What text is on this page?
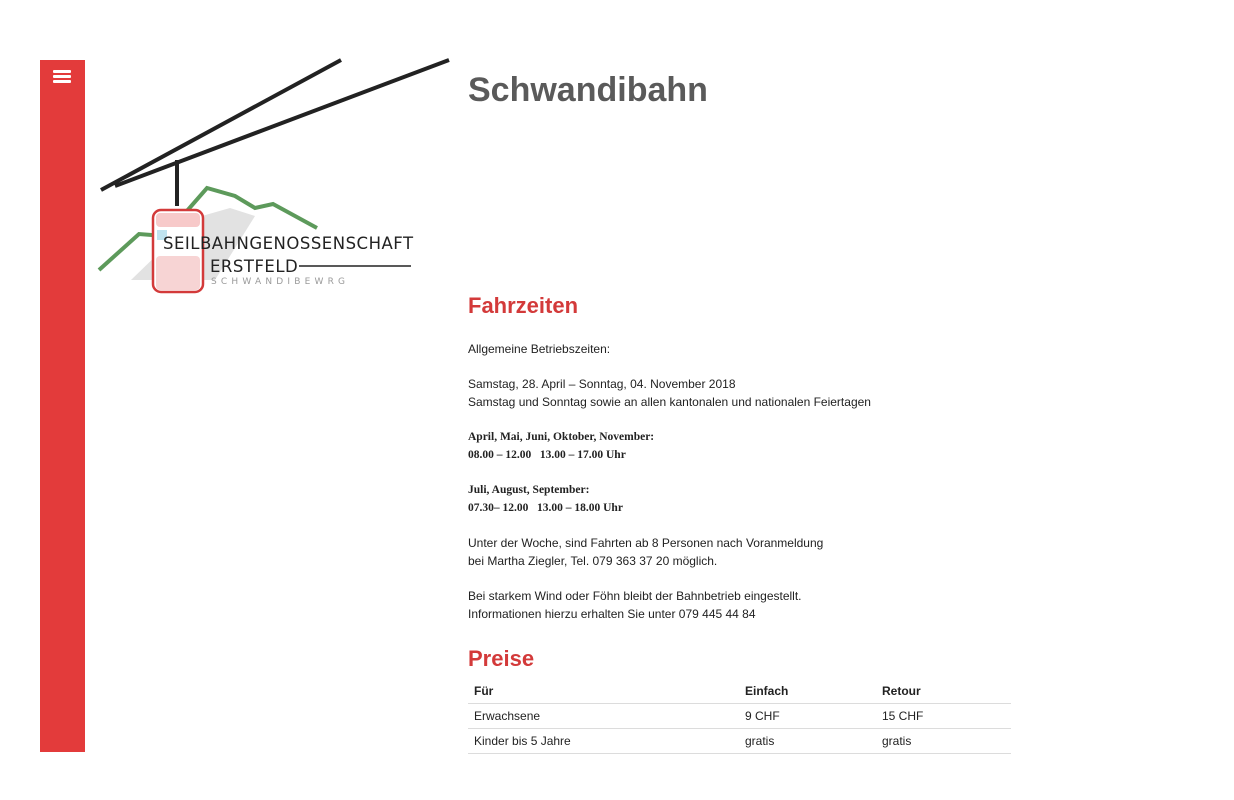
SEILBAHNGENOSSENSCHAFT
ERSTFELD
SCHWANDIBEWRG
Schwandibahn
Fahrzeiten

Allgemeine Betriebszeiten:

Samstag, 28. April – Sonntag, 04. November 2018

Samstag und Sonntag sowie an allen kantonalen und nationalen Feiertagen

April, Mai, Juni, Oktober, November:

08.00 – 12.00   13.00 – 17.00 Uhr

Juli, August, September:

07.30– 12.00   13.00 – 18.00 Uhr

Unter der Woche, sind Fahrten ab 8 Personen nach Voranmeldung

bei Martha Ziegler, Tel. 079 363 37 20 möglich.

Bei starkem Wind oder Föhn bleibt der Bahnbetrieb eingestellt.

Informationen hierzu erhalten Sie unter 079 445 44 84

Preise
Für	Einfach	Retour
Erwachsene	9 CHF	15 CHF
Kinder bis 5 Jahre	gratis	gratis
